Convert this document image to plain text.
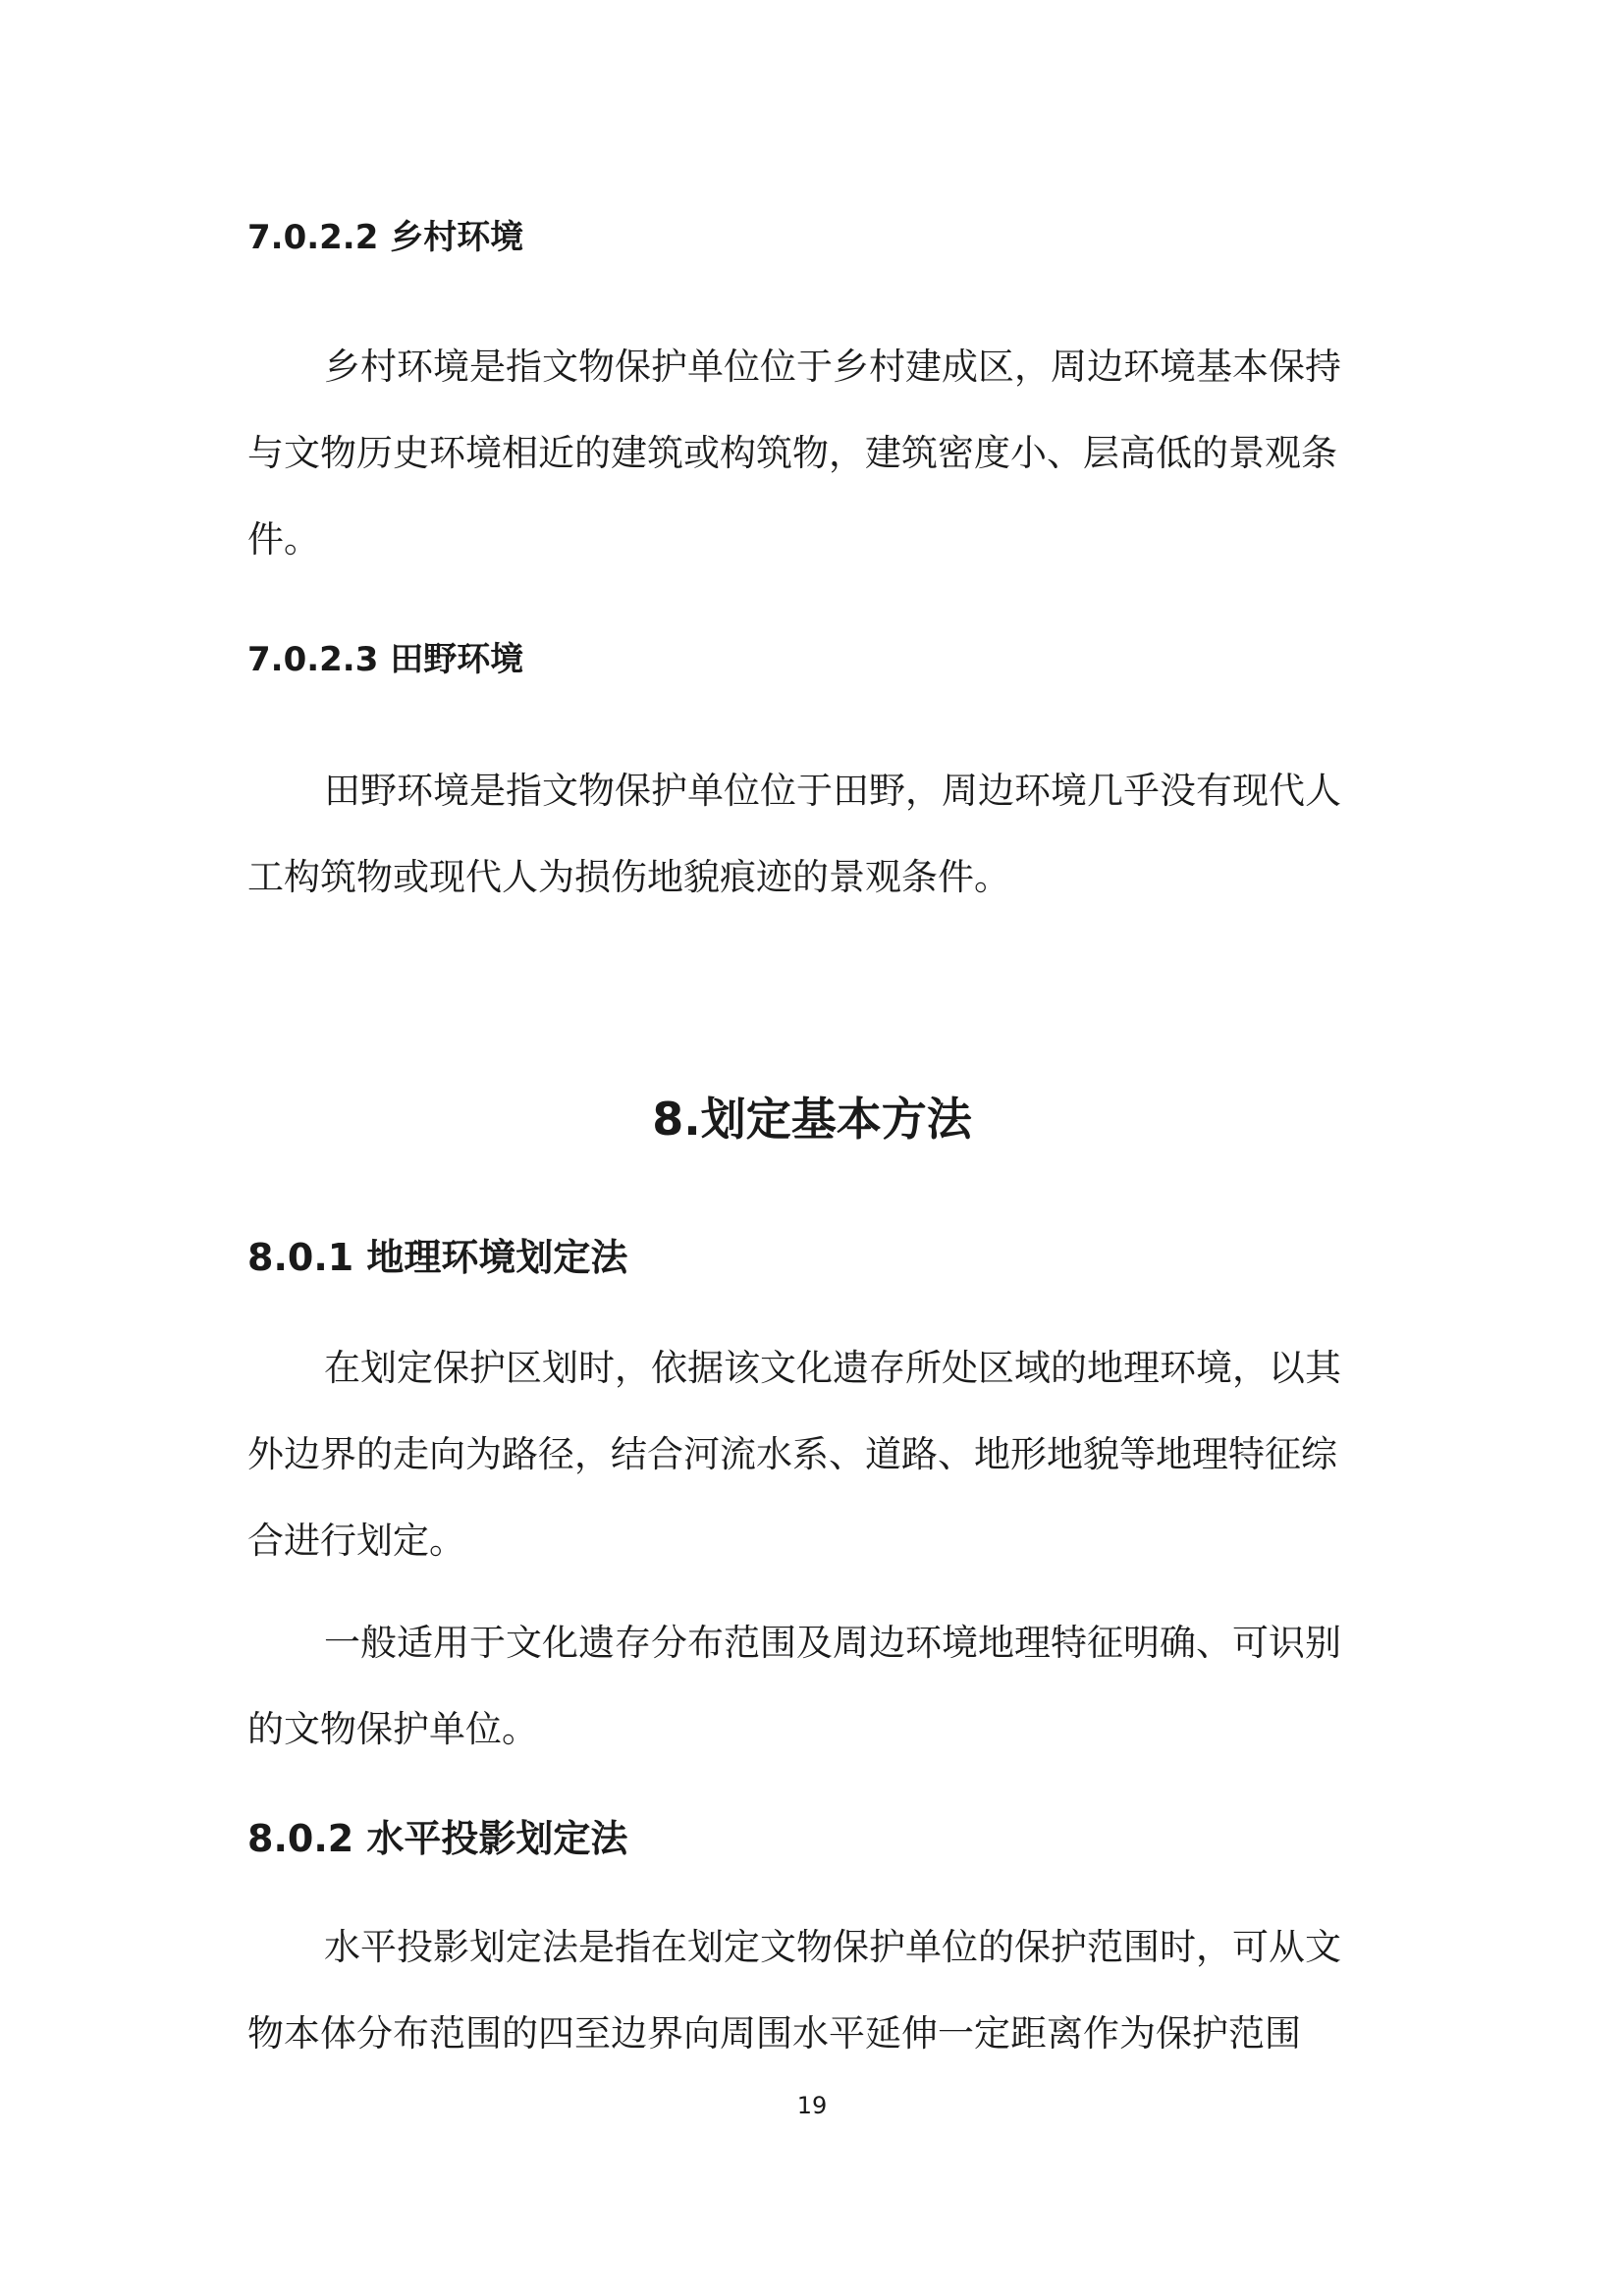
7.0.2.2 乡村环境
乡村环境是指文物保护单位位于乡村建成区，周边环境基本保持
与文物历史环境相近的建筑或构筑物，建筑密度小、层高低的景观条
件。
7.0.2.3 田野环境
田野环境是指文物保护单位位于田野，周边环境几乎没有现代人
工构筑物或现代人为损伤地貌痕迹的景观条件。
8.划定基本方法
8.0.1 地理环境划定法
在划定保护区划时，依据该文化遗存所处区域的地理环境，以其
外边界的走向为路径，结合河流水系、道路、地形地貌等地理特征综
合进行划定。
一般适用于文化遗存分布范围及周边环境地理特征明确、可识别
的文物保护单位。
8.0.2 水平投影划定法
水平投影划定法是指在划定文物保护单位的保护范围时，可从文
物本体分布范围的四至边界向周围水平延伸一定距离作为保护范围
19
